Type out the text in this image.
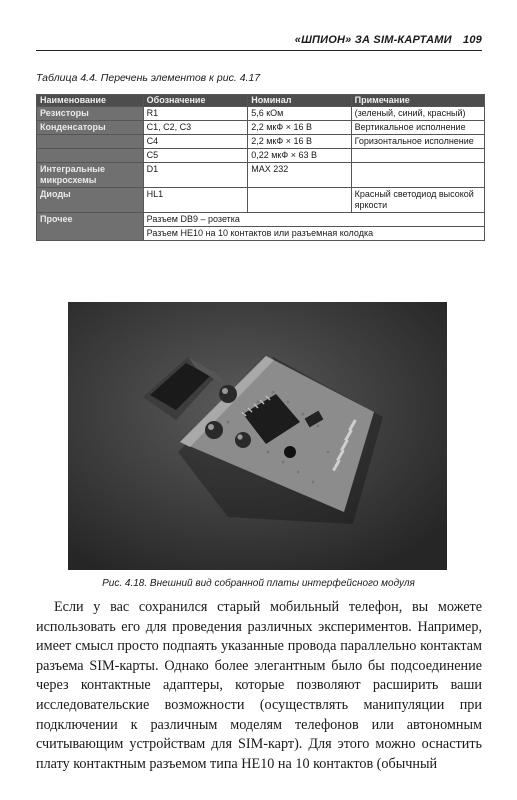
«ШПИОН» ЗА SIM-КАРТАМИ 109
Таблица 4.4. Перечень элементов к рис. 4.17
Наименование	Обозначение	Номинал	Примечание
Резисторы	R1	5,6 кОм	(зеленый, синий, красный)
Конденсаторы	C1, C2, C3	2,2 мкФ × 16 В	Вертикальное исполнение
	C4	2,2 мкФ × 16 В	Горизонтальное исполнение
	C5	0,22 мкФ × 63 В	
Интегральные микросхемы	D1	MAX 232	
Диоды	HL1		Красный светодиод высокой яркости
Прочее	Разъем DB9 – розетка		
	Разъем HE10 на 10 контактов или разъемная колодка		
Рис. 4.18. Внешний вид собранной платы интерфейсного модуля

Если у вас сохранился старый мобильный телефон, вы можете использовать его для проведения различных экспериментов. Например, имеет смысл просто подпаять указанные провода параллельно контактам разъема SIM-карты. Однако более элегантным было бы подсоединение через контактные адаптеры, которые позволяют расширить ваши исследовательские возможности (осуществлять манипуляции при подключении к различным моделям телефонов или автономным считывающим устройствам для SIM-карт). Для этого можно оснастить плату контактным разъемом типа HE10 на 10 контактов (обычный
